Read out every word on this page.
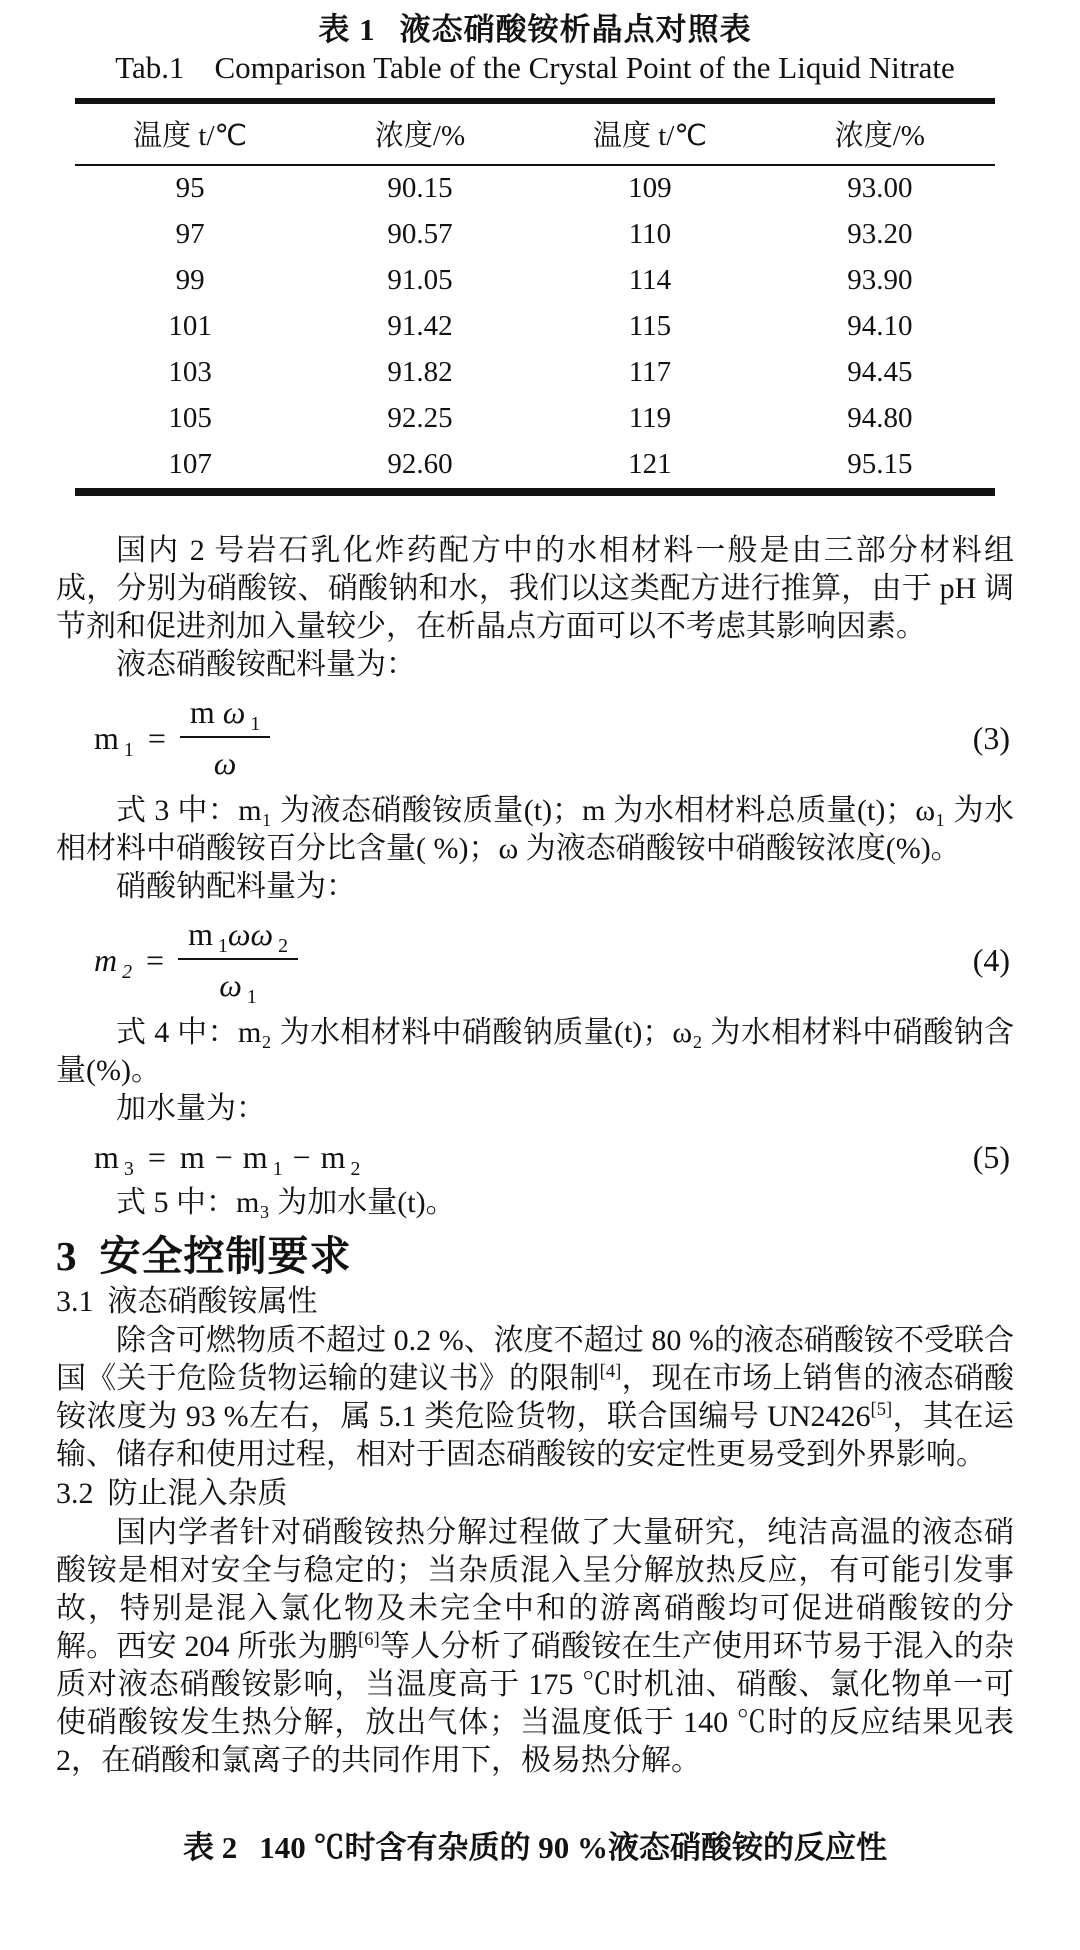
表 1 液态硝酸铵析晶点对照表
Tab.1 Comparison Table of the Crystal Point of the Liquid Nitrate
温度 t/℃	浓度/%	温度 t/℃	浓度/%
95	90.15	109	93.00
97	90.57	110	93.20
99	91.05	114	93.90
101	91.42	115	94.10
103	91.82	117	94.45
105	92.25	119	94.80
107	92.60	121	95.15

国内 2 号岩石乳化炸药配方中的水相材料一般是由三部分材料组成，分别为硝酸铵、硝酸钠和水，我们以这类配方进行推算，由于 pH 调节剂和促进剂加入量较少，在析晶点方面可以不考虑其影响因素。

液态硝酸铵配料量为：

m $_1 = \frac{m \omega _1}{\omega}$	(3)

式 3 中：m₁ 为液态硝酸铵质量(t)；m 为水相材料总质量(t)；ω₁ 为水相材料中硝酸铵百分比含量( %)；ω 为液态硝酸铵中硝酸铵浓度(%)。

硝酸钠配料量为：

m $_2 = \frac{m _1\omega\omega _2}{\omega _1}$	(4)

式 4 中：m₂ 为水相材料中硝酸钠质量(t)；ω₂ 为水相材料中硝酸钠含量(%)。

加水量为：

m $_3$ = m − m $_1$ − m $_2$	(5)

式 5 中：m₃ 为加水量(t)。

3 安全控制要求
3.1 液态硝酸铵属性

除含可燃物质不超过 0.2 %、浓度不超过 80 %的液态硝酸铵不受联合国《关于危险货物运输的建议书》的限制[4]，现在市场上销售的液态硝酸铵浓度为 93 %左右，属 5.1 类危险货物，联合国编号 UN2426[5]，其在运输、储存和使用过程，相对于固态硝酸铵的安定性更易受到外界影响。

3.2 防止混入杂质

国内学者针对硝酸铵热分解过程做了大量研究，纯洁高温的液态硝酸铵是相对安全与稳定的；当杂质混入呈分解放热反应，有可能引发事故，特别是混入氯化物及未完全中和的游离硝酸均可促进硝酸铵的分解。西安 204 所张为鹏[6]等人分析了硝酸铵在生产使用环节易于混入的杂质对液态硝酸铵影响，当温度高于 175 ℃时机油、硝酸、氯化物单一可使硝酸铵发生热分解，放出气体；当温度低于 140 ℃时的反应结果见表 2，在硝酸和氯离子的共同作用下，极易热分解。

表 2 140 ℃时含有杂质的 90 %液态硝酸铵的反应性
